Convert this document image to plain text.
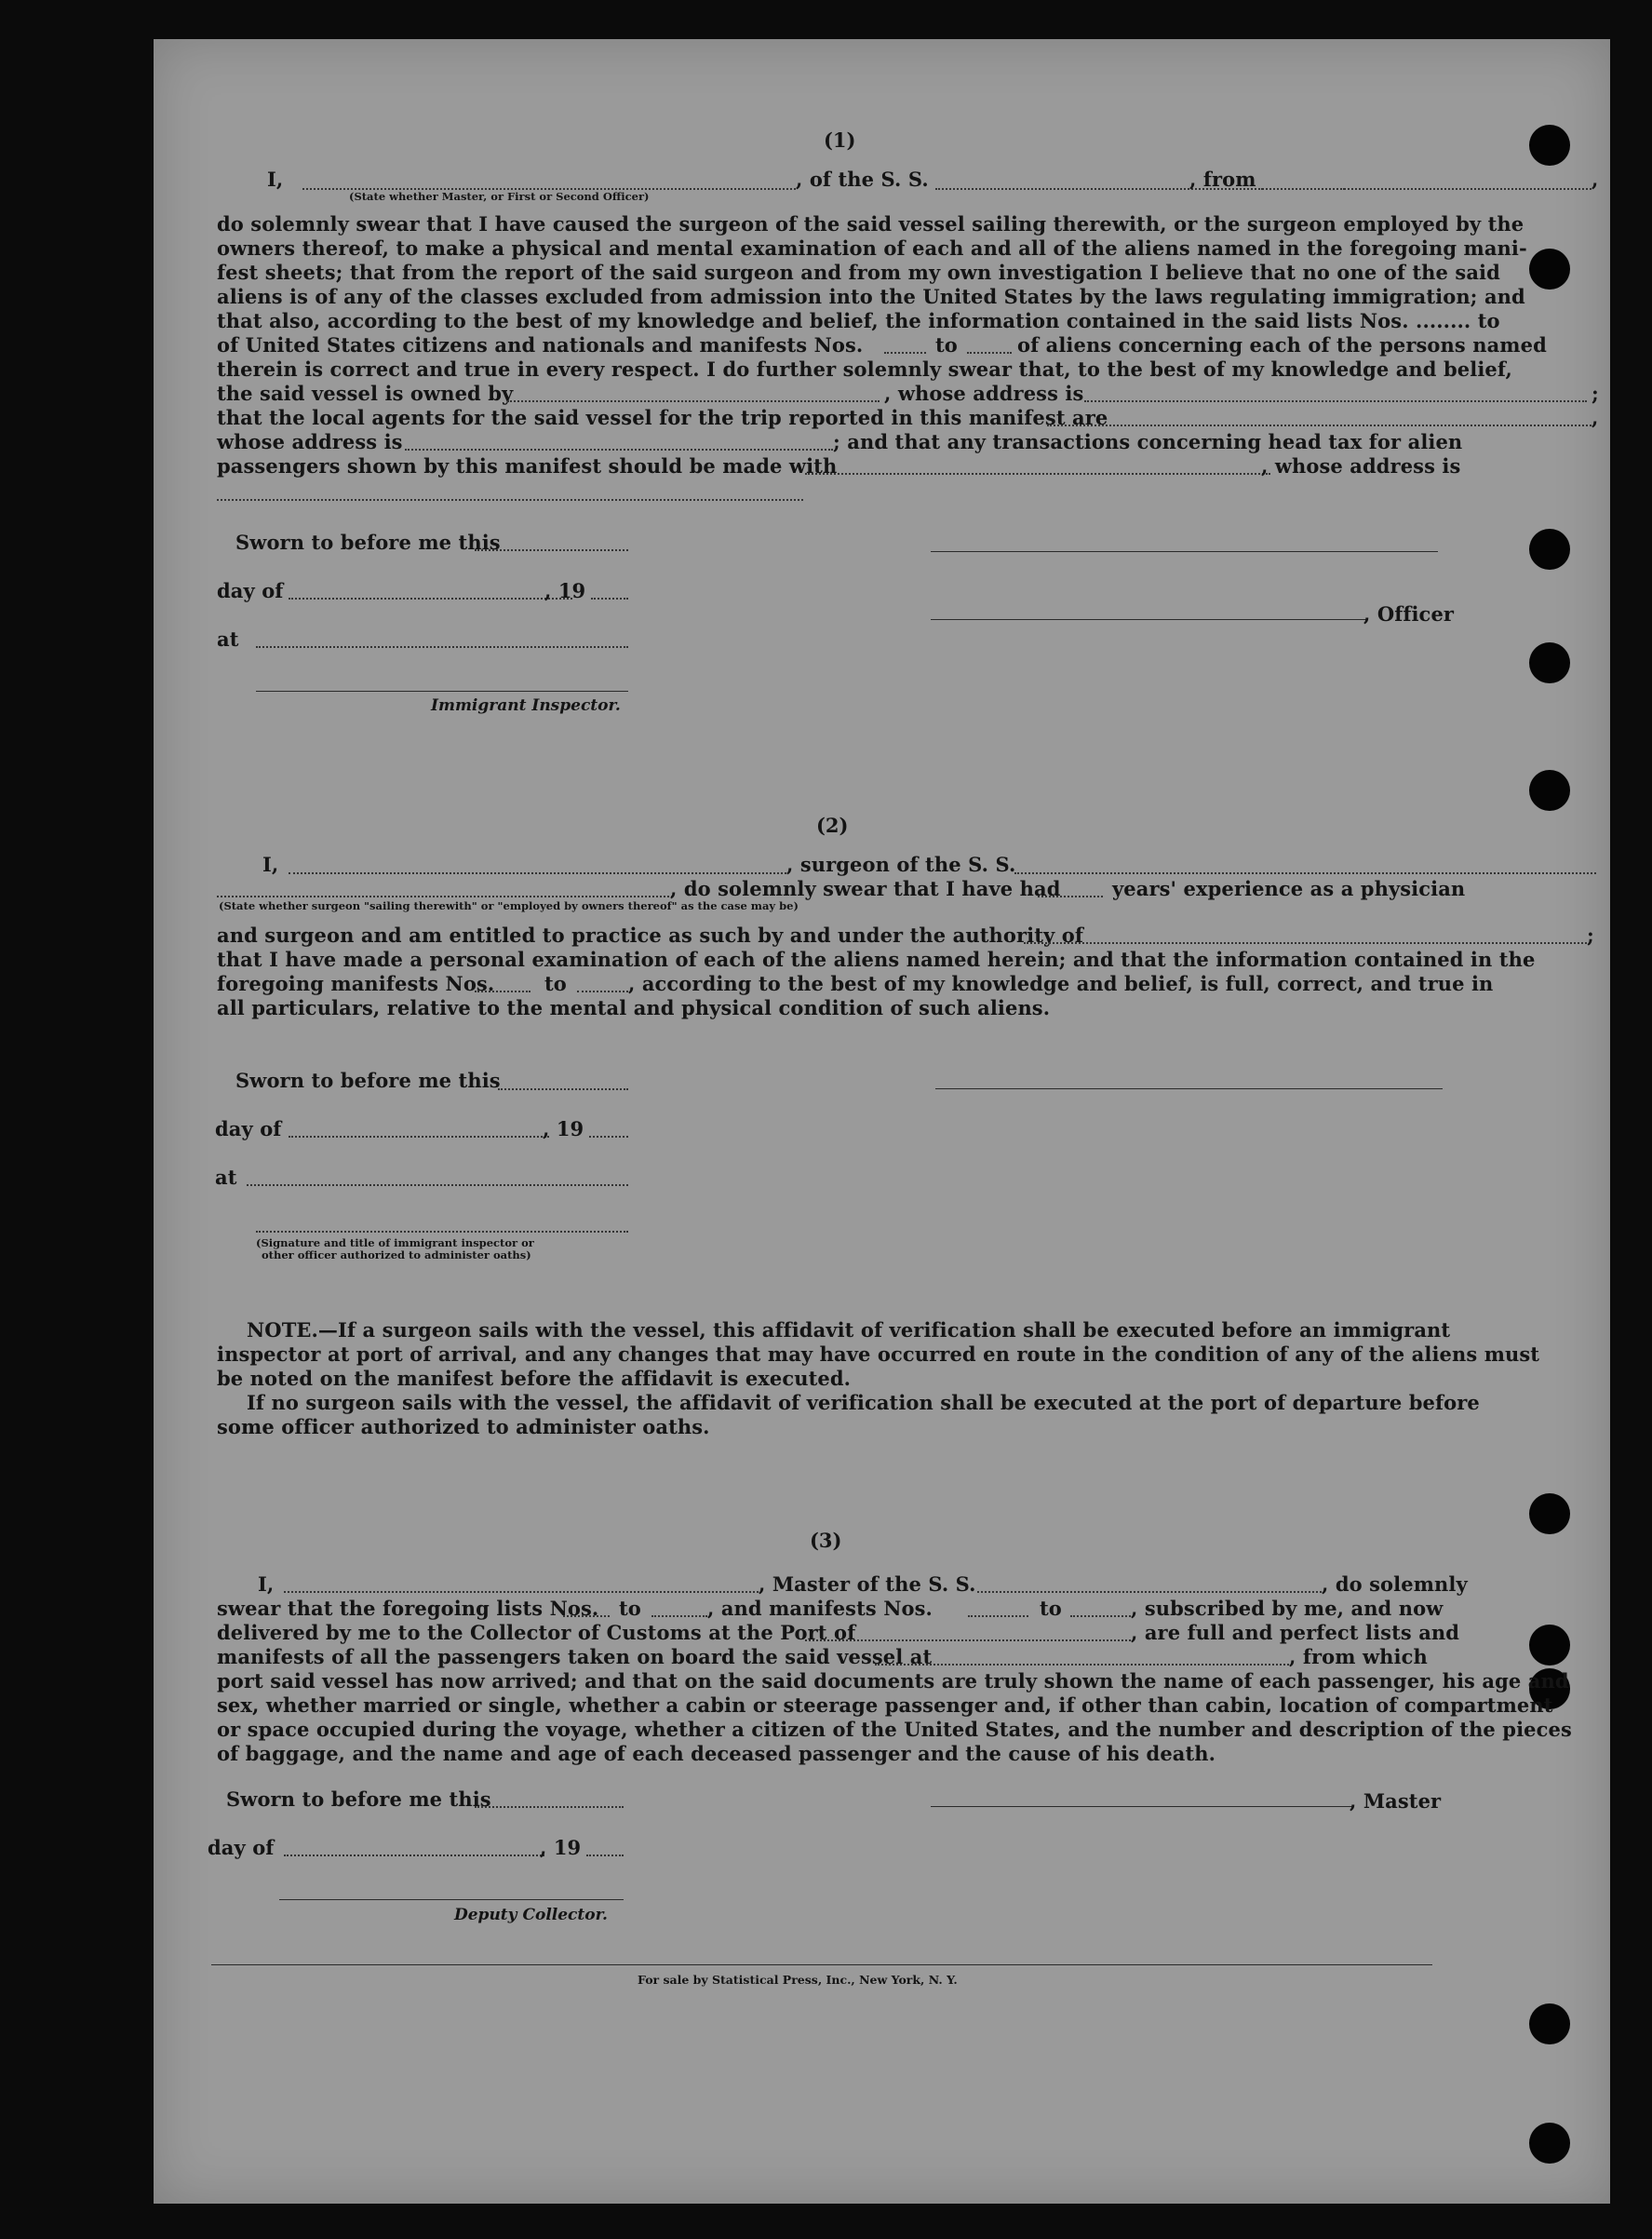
(1)
I,
(State whether Master, or First or Second Officer)
, of the S. S.	, from	,
do solemnly swear that I have caused the surgeon of the said vessel sailing therewith, or the surgeon employed by the
owners thereof, to make a physical and mental examination of each and all of the aliens named in the foregoing mani-
fest sheets; that from the report of the said surgeon and from my own investigation I believe that no one of the said
aliens is of any of the classes excluded from admission into the United States by the laws regulating immigration; and
that also, according to the best of my knowledge and belief, the information contained in the said lists Nos. ........ to
of United States citizens and nationals and manifests Nos.	to	of aliens concerning each of the persons named
therein is correct and true in every respect. I do further solemnly swear that, to the best of my knowledge and belief,
the said vessel is owned by	, whose address is	;
that the local agents for the said vessel for the trip reported in this manifest are	,
whose address is	; and that any transactions concerning head tax for alien
passengers shown by this manifest should be made with	, whose address is
Sworn to before me this
day of	, 19
at
Immigrant Inspector.
, Officer
(2)
I,	, surgeon of the S. S.
, do solemnly swear that I have had	years' experience as a physician
(State whether surgeon "sailing therewith" or "employed by owners thereof" as the case may be)
and surgeon and am entitled to practice as such by and under the authority of	;
that I have made a personal examination of each of the aliens named herein; and that the information contained in the
foregoing manifests Nos.	to	, according to the best of my knowledge and belief, is full, correct, and true in
all particulars, relative to the mental and physical condition of such aliens.
Sworn to before me this
day of	, 19
at
(Signature and title of immigrant inspector or
other officer authorized to administer oaths)
NOTE.—If a surgeon sails with the vessel, this affidavit of verification shall be executed before an immigrant
inspector at port of arrival, and any changes that may have occurred en route in the condition of any of the aliens must
be noted on the manifest before the affidavit is executed.
If no surgeon sails with the vessel, the affidavit of verification shall be executed at the port of departure before
some officer authorized to administer oaths.
(3)
I,	, Master of the S. S.	, do solemnly
swear that the foregoing lists Nos. to	, and manifests Nos.	to	, subscribed by me, and now
delivered by me to the Collector of Customs at the Port of	, are full and perfect lists and
manifests of all the passengers taken on board the said vessel at	, from which
port said vessel has now arrived; and that on the said documents are truly shown the name of each passenger, his age and
sex, whether married or single, whether a cabin or steerage passenger and, if other than cabin, location of compartment
or space occupied during the voyage, whether a citizen of the United States, and the number and description of the pieces
of baggage, and the name and age of each deceased passenger and the cause of his death.
Sworn to before me this	, Master
day of	, 19
Deputy Collector.
For sale by Statistical Press, Inc., New York, N. Y.
